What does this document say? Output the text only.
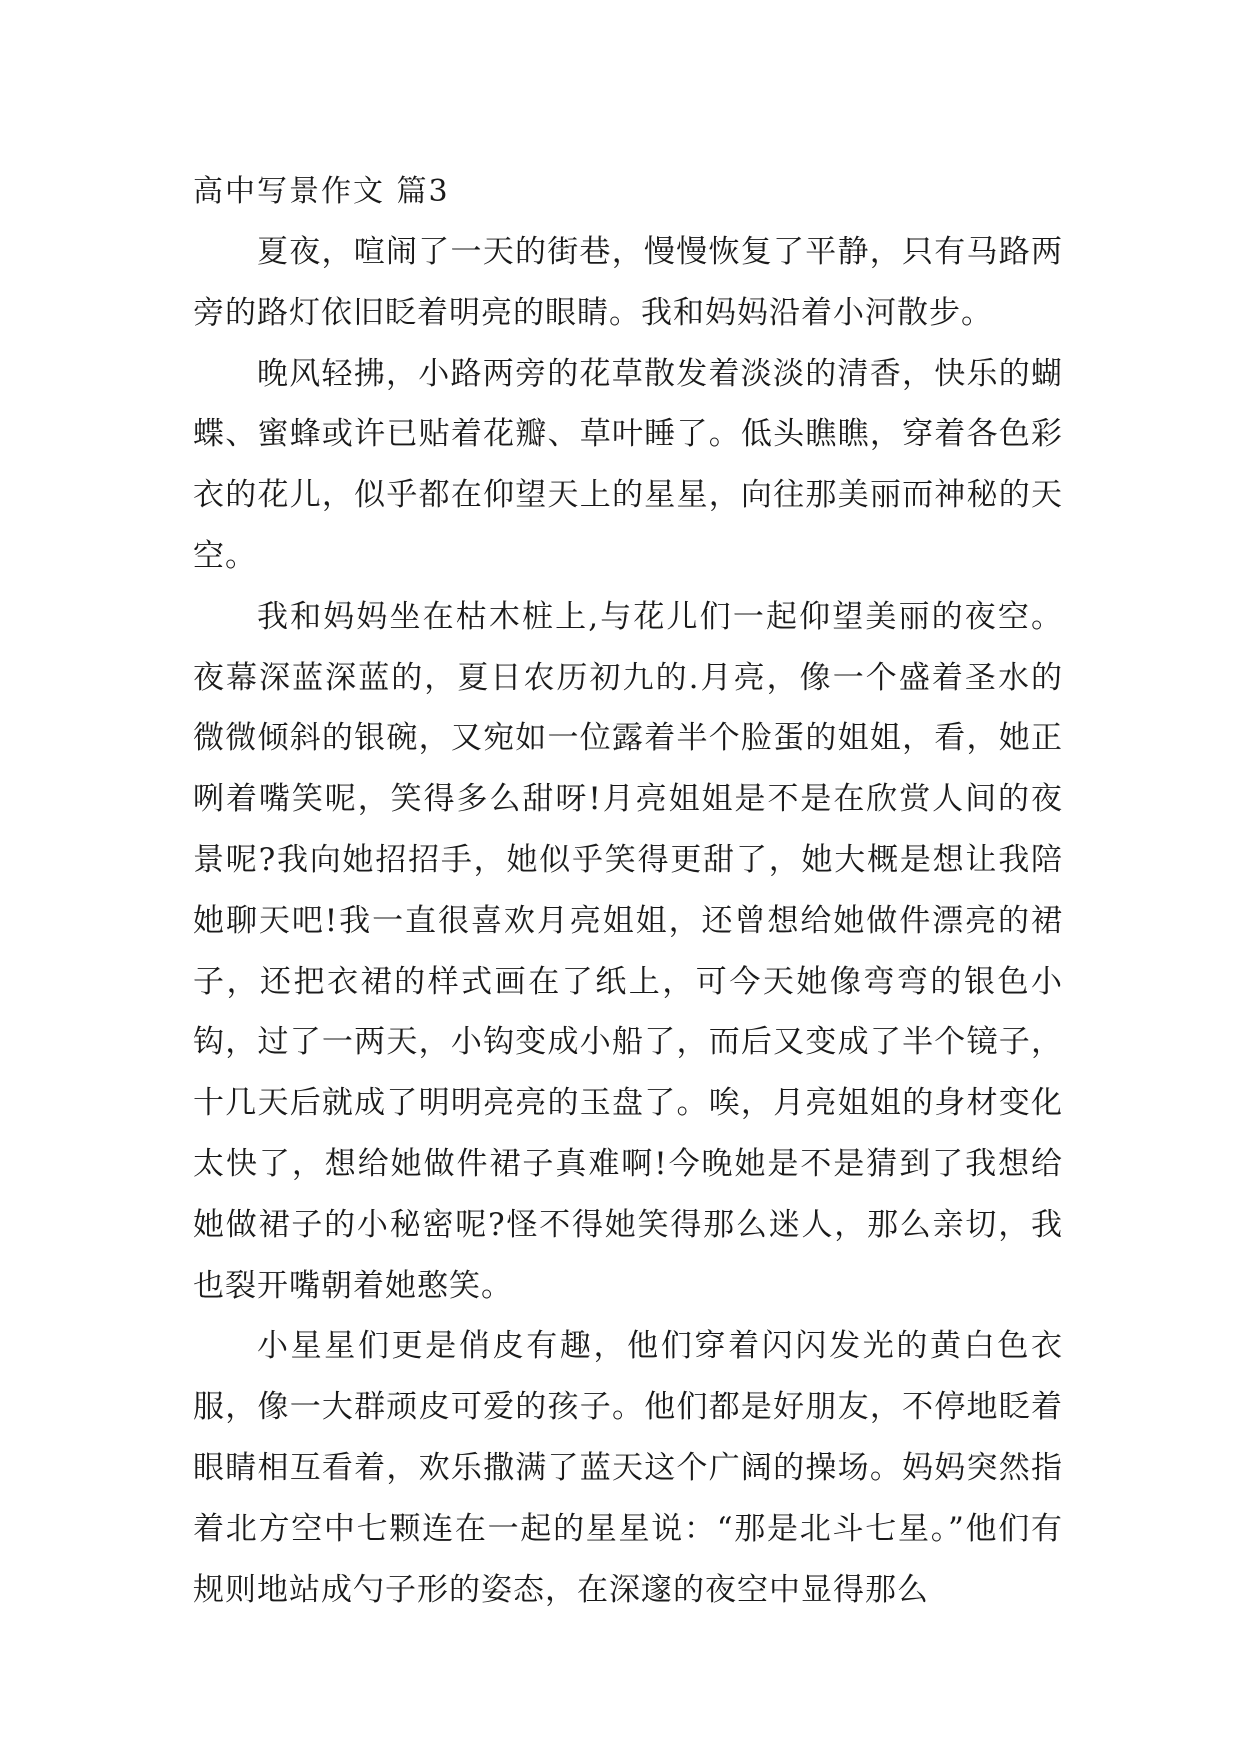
高中写景作文 篇3

夏夜，喧闹了一天的街巷，慢慢恢复了平静，只有马路两旁的路灯依旧眨着明亮的眼睛。我和妈妈沿着小河散步。

晚风轻拂，小路两旁的花草散发着淡淡的清香，快乐的蝴蝶、蜜蜂或许已贴着花瓣、草叶睡了。低头瞧瞧，穿着各色彩衣的花儿，似乎都在仰望天上的星星，向往那美丽而神秘的天空。

我和妈妈坐在枯木桩上,与花儿们一起仰望美丽的夜空。夜幕深蓝深蓝的，夏日农历初九的.月亮，像一个盛着圣水的微微倾斜的银碗，又宛如一位露着半个脸蛋的姐姐，看，她正咧着嘴笑呢，笑得多么甜呀!月亮姐姐是不是在欣赏人间的夜景呢?我向她招招手，她似乎笑得更甜了，她大概是想让我陪她聊天吧!我一直很喜欢月亮姐姐，还曾想给她做件漂亮的裙子，还把衣裙的样式画在了纸上，可今天她像弯弯的银色小钩，过了一两天，小钩变成小船了，而后又变成了半个镜子，十几天后就成了明明亮亮的玉盘了。唉，月亮姐姐的身材变化太快了，想给她做件裙子真难啊!今晚她是不是猜到了我想给她做裙子的小秘密呢?怪不得她笑得那么迷人，那么亲切，我也裂开嘴朝着她憨笑。

小星星们更是俏皮有趣，他们穿着闪闪发光的黄白色衣服，像一大群顽皮可爱的孩子。他们都是好朋友，不停地眨着眼睛相互看着，欢乐撒满了蓝天这个广阔的操场。妈妈突然指着北方空中七颗连在一起的星星说：“那是北斗七星。”他们有规则地站成勺子形的姿态，在深邃的夜空中显得那么
